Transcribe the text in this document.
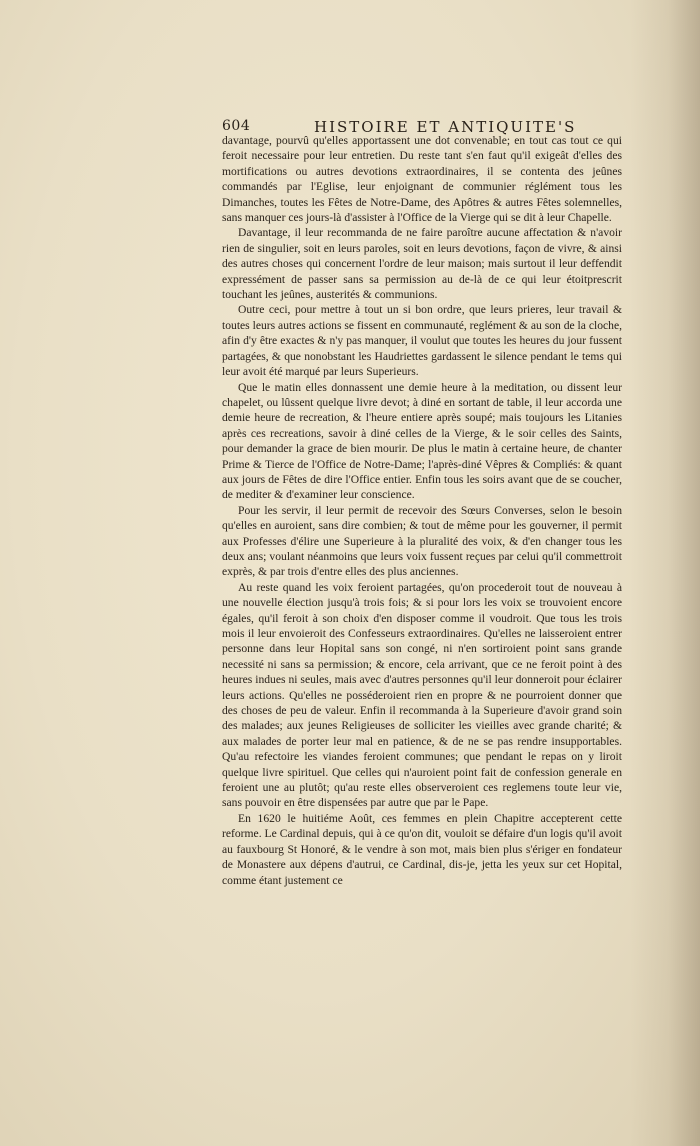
604	HISTOIRE ET ANTIQUITE'S

davantage, pourvû qu'elles apportassent une dot convenable; en tout cas tout ce qui feroit necessaire pour leur entretien. Du reste tant s'en faut qu'il exigeât d'elles des mortifications ou autres devotions extraordinaires, il se contenta des jeûnes commandés par l'Eglise, leur enjoignant de communier réglément tous les Dimanches, toutes les Fêtes de Notre-Dame, des Apôtres & autres Fêtes solemnelles, sans manquer ces jours-là d'assister à l'Office de la Vierge qui se dit à leur Chapelle.

Davantage, il leur recommanda de ne faire paroître aucune affectation & n'avoir rien de singulier, soit en leurs paroles, soit en leurs devotions, façon de vivre, & ainsi des autres choses qui concernent l'ordre de leur maison; mais surtout il leur deffendit expressément de passer sans sa permission au de-là de ce qui leur étoitprescrit touchant les jeûnes, austerités & communions.

Outre ceci, pour mettre à tout un si bon ordre, que leurs prieres, leur travail & toutes leurs autres actions se fissent en communauté, reglément & au son de la cloche, afin d'y être exactes & n'y pas manquer, il voulut que toutes les heures du jour fussent partagées, & que nonobstant les Haudriettes gardassent le silence pendant le tems qui leur avoit été marqué par leurs Superieurs.

Que le matin elles donnassent une demie heure à la meditation, ou dissent leur chapelet, ou lûssent quelque livre devot; à diné en sortant de table, il leur accorda une demie heure de recreation, & l'heure entiere après soupé; mais toujours les Litanies après ces recreations, savoir à diné celles de la Vierge, & le soir celles des Saints, pour demander la grace de bien mourir. De plus le matin à certaine heure, de chanter Prime & Tierce de l'Office de Notre-Dame; l'après-diné Vêpres & Compliés: & quant aux jours de Fêtes de dire l'Office entier. Enfin tous les soirs avant que de se coucher, de mediter & d'examiner leur conscience.

Pour les servir, il leur permit de recevoir des Sœurs Converses, selon le besoin qu'elles en auroient, sans dire combien; & tout de même pour les gouverner, il permit aux Professes d'élire une Superieure à la pluralité des voix, & d'en changer tous les deux ans; voulant néanmoins que leurs voix fussent reçues par celui qu'il commettroit exprès, & par trois d'entre elles des plus anciennes.

Au reste quand les voix feroient partagées, qu'on procederoit tout de nouveau à une nouvelle élection jusqu'à trois fois; & si pour lors les voix se trouvoient encore égales, qu'il feroit à son choix d'en disposer comme il voudroit. Que tous les trois mois il leur envoieroit des Confesseurs extraordinaires. Qu'elles ne laisseroient entrer personne dans leur Hopital sans son congé, ni n'en sortiroient point sans grande necessité ni sans sa permission; & encore, cela arrivant, que ce ne feroit point à des heures indues ni seules, mais avec d'autres personnes qu'il leur donneroit pour éclairer leurs actions. Qu'elles ne posséderoient rien en propre & ne pourroient donner que des choses de peu de valeur. Enfin il recommanda à la Superieure d'avoir grand soin des malades; aux jeunes Religieuses de solliciter les vieilles avec grande charité; & aux malades de porter leur mal en patience, & de ne se pas rendre insupportables. Qu'au refectoire les viandes feroient communes; que pendant le repas on y liroit quelque livre spirituel. Que celles qui n'auroient point fait de confession generale en feroient une au plutôt; qu'au reste elles observeroient ces reglemens toute leur vie, sans pouvoir en être dispensées par autre que par le Pape.

En 1620 le huitiéme Août, ces femmes en plein Chapitre accepterent cette reforme. Le Cardinal depuis, qui à ce qu'on dit, vouloit se défaire d'un logis qu'il avoit au fauxbourg St Honoré, & le vendre à son mot, mais bien plus s'ériger en fondateur de Monastere aux dépens d'autrui, ce Cardinal, dis-je, jetta les yeux sur cet Hopital, comme étant justement ce
